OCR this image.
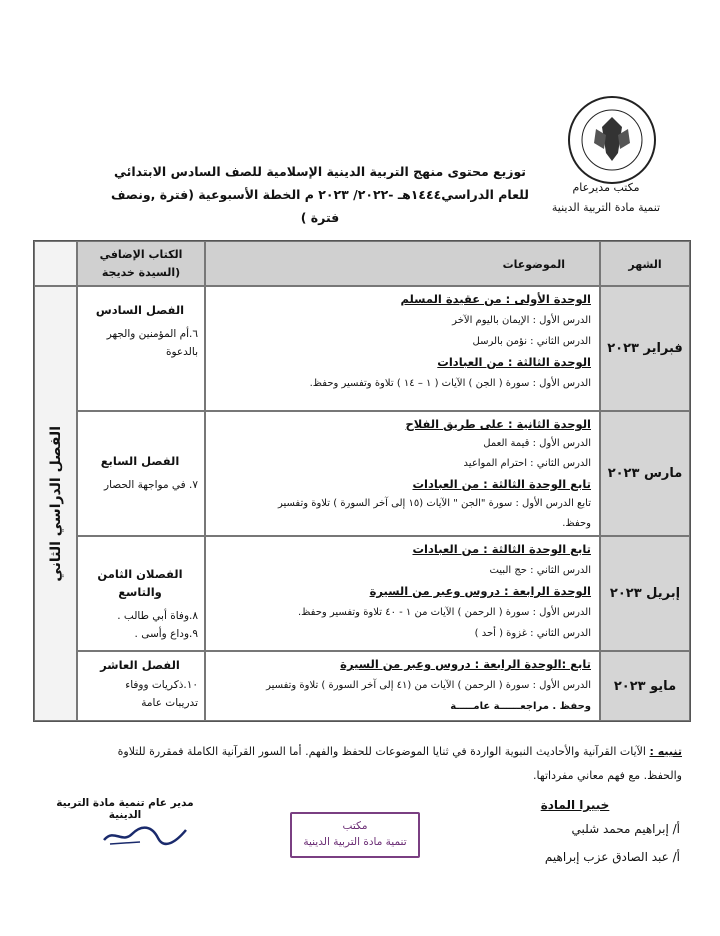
مكتب مديرعام
تنمية مادة التربية الدينية
توزيع محتوى منهج التربية الدينية الإسلامية للصف السادس الابتدائي
للعام الدراسي١٤٤٤هـ -٢٠٢٢/ ٢٠٢٣ م الخطة الأسبوعية (فترة ,ونصف فترة )
الكتاب الإضافي
(السيدة خديجة
الموضوعات	الشهر
الفصل الدراسي الثاني
الفصل السادس
٦.أم المؤمنين والجهر
بالدعوة
الوحدة الأولى : من عقيدة المسلم
الدرس الأول : الإيمان باليوم الآخر
الدرس الثاني : نؤمن بالرسل
الوحدة الثالثة : من العبادات
الدرس الأول : سورة ( الجن ) الآيات ( ١ – ١٤ ) تلاوة وتفسير وحفظ.
فبراير ٢٠٢٣
الفصل السابع
٧. في مواجهة الحصار
الوحدة الثانية : على طريق الفلاح
الدرس الأول : قيمة العمل
الدرس الثاني : احترام المواعيد
تابع الوحدة الثالثة : من العبادات
تابع الدرس الأول : سورة "الجن " الآيات (١٥ إلى آخر السورة ) تلاوة وتفسير
وحفظ.
مارس ٢٠٢٣
الفصلان الثامن والتاسع
٨.وفاة أبي طالب .
٩.وداع وأسى .
تابع الوحدة الثالثة : من العبادات
الدرس الثاني : حج البيت
الوحدة الرابعة : دروس وعبر من السيرة
الدرس الأول : سورة ( الرحمن ) الآيات من ١ - ٤٠ تلاوة وتفسير وحفظ.
الدرس الثاني : غزوة ( أحد )
إبريل ٢٠٢٣
الفصل العاشر
١٠.ذكريات ووفاء
تدريبات عامة
تابع :الوحدة الرابعة : دروس وعبر من السيرة
الدرس الأول : سورة ( الرحمن ) الآيات من (٤١ إلى آخر السورة ) تلاوة وتفسير
وحفظ . مراجعــــــة عامـــــة
مايو ٢٠٢٣
تنبيه : الآيات القرآنية والأحاديث النبوية الواردة في ثنايا الموضوعات للحفظ والفهم. أما السور القرآنية الكاملة فمقررة للتلاوة
والحفظ. مع فهم معاني مفرداتها.
مدير عام تنمية مادة التربية الدينية
مكتب
تنمية مادة التربية الدينية
خبيرا المادة
أ/ إبراهيم محمد شلبي
أ/ عبد الصادق عزب إبراهيم
